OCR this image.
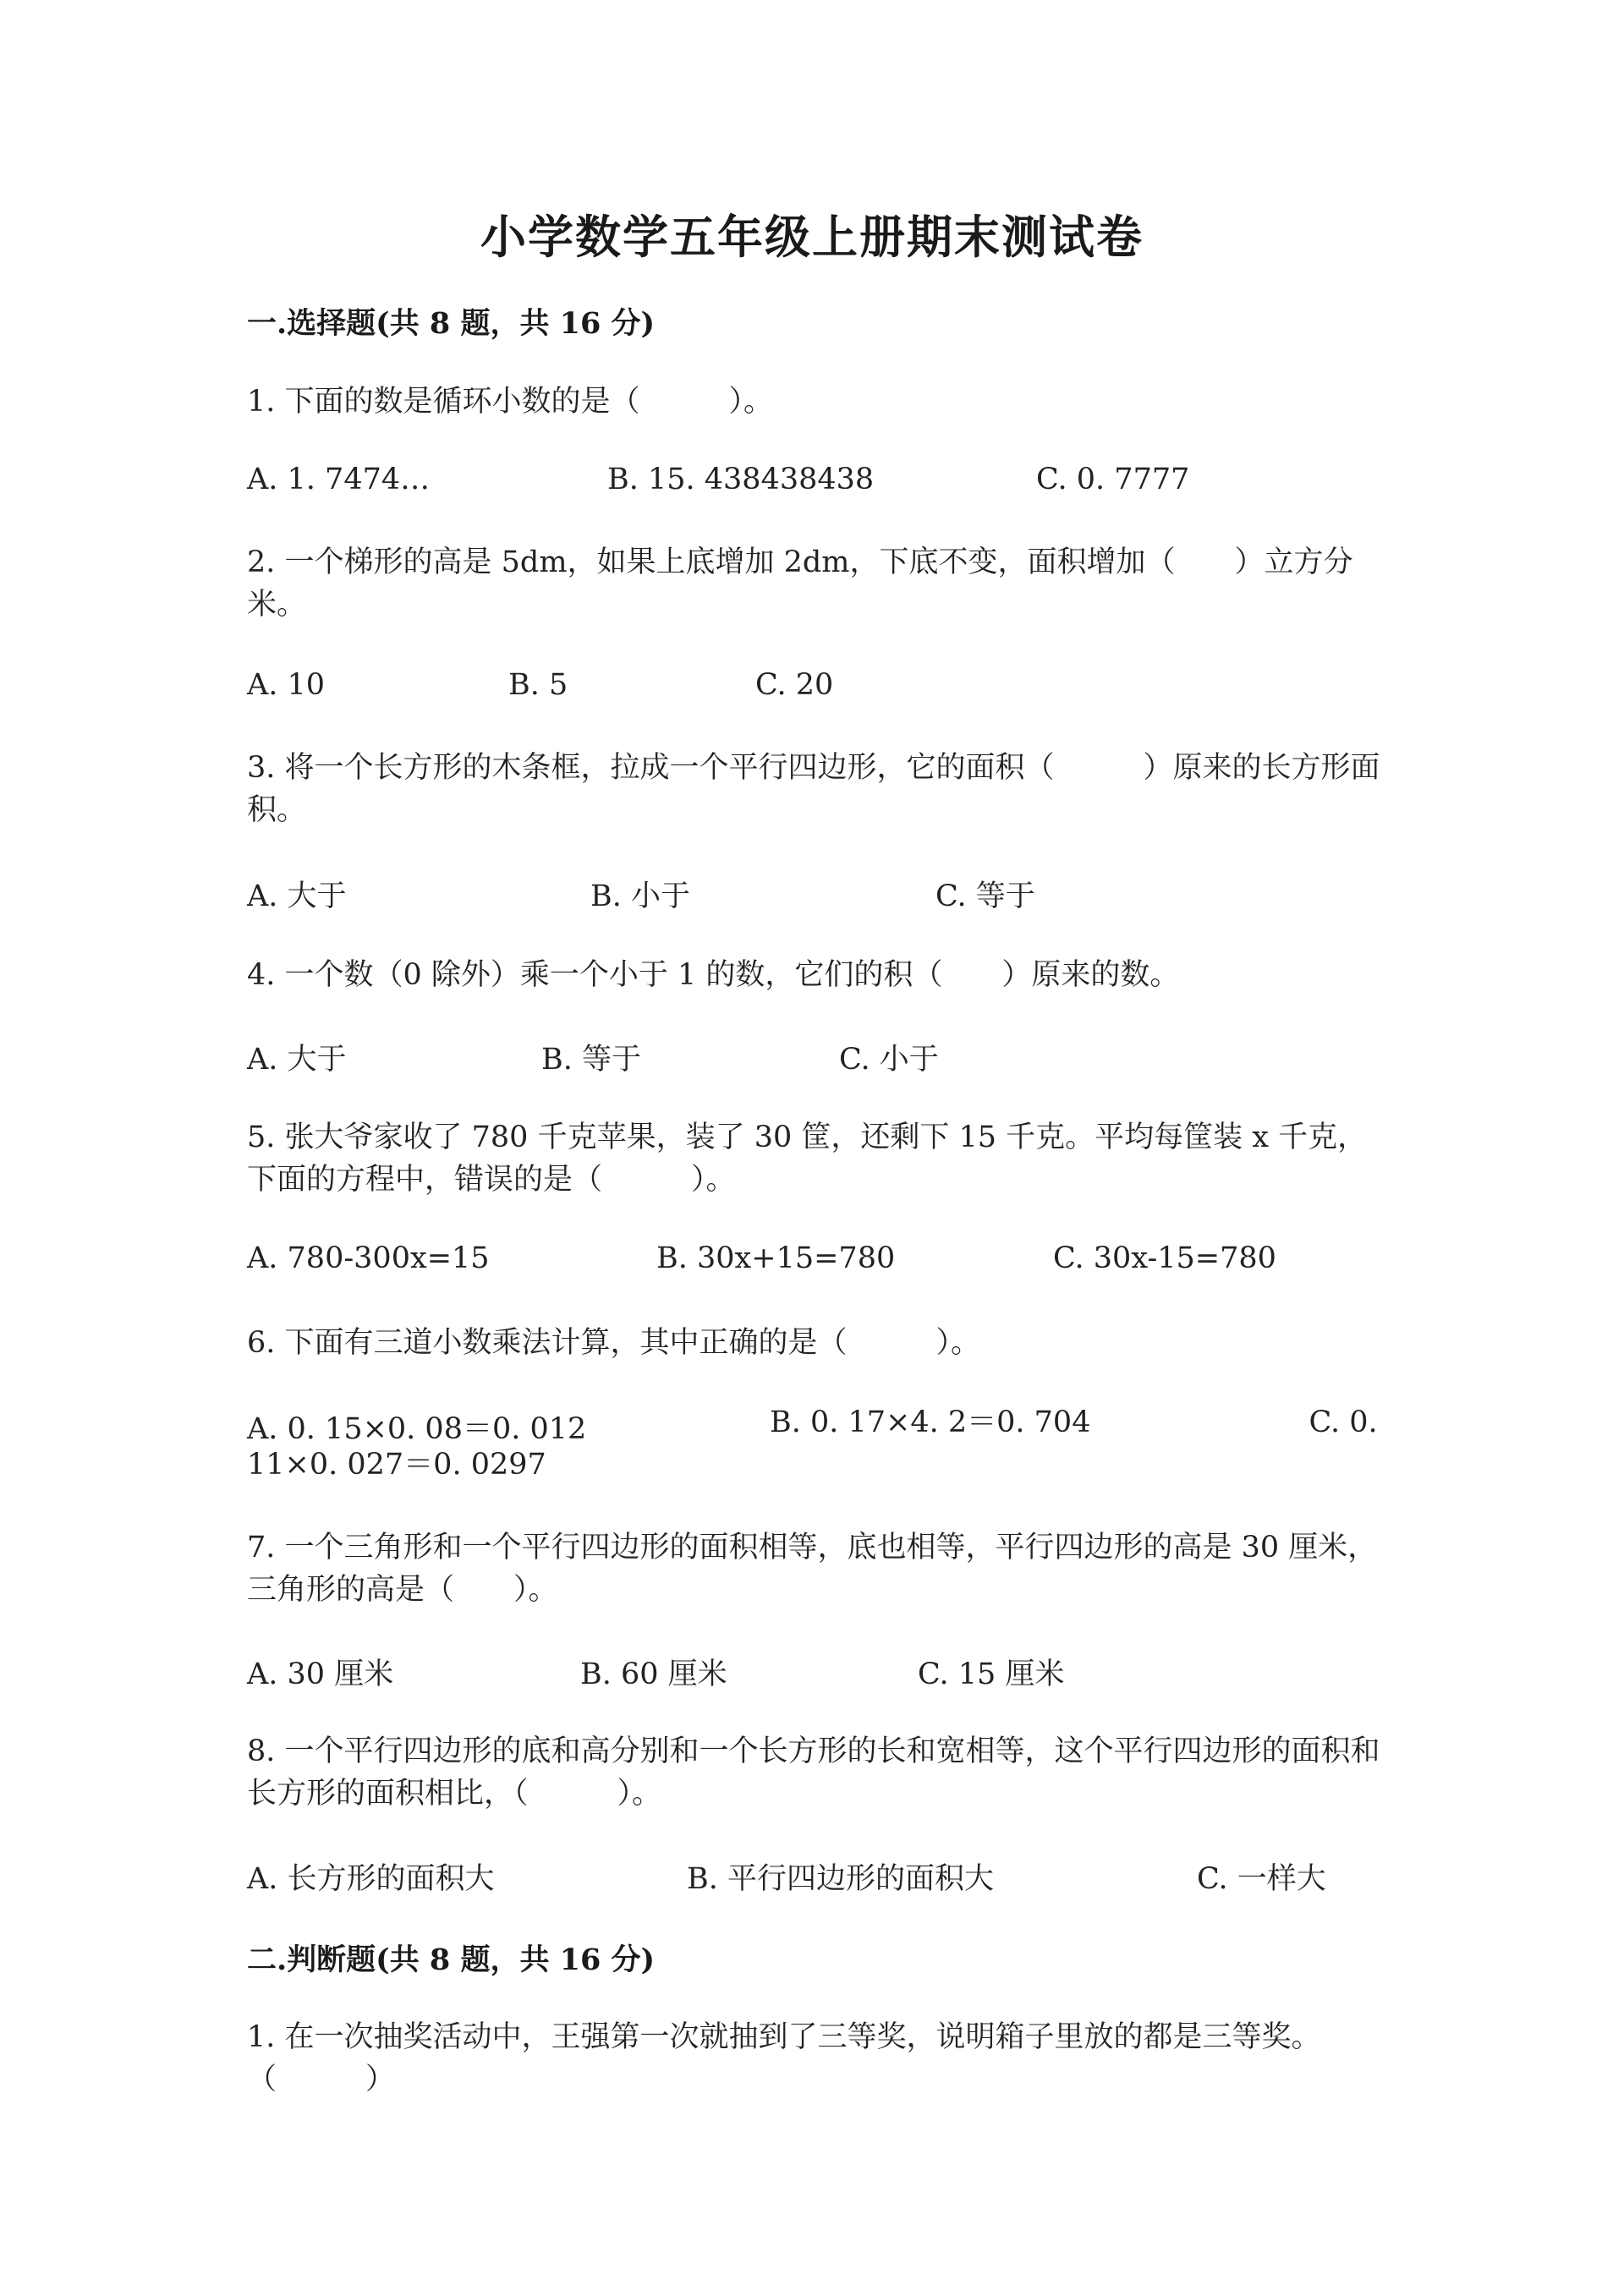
小学数学五年级上册期末测试卷
一.选择题(共 8 题，共 16 分)
1. 下面的数是循环小数的是（　　　）。
A. 1. 7474…	B. 15. 438438438	C. 0. 7777
2. 一个梯形的高是 5dm，如果上底增加 2dm，下底不变，面积增加（　　）立方分米。
A. 10	B. 5	C. 20
3. 将一个长方形的木条框，拉成一个平行四边形，它的面积（　　　）原来的长方形面积。
A. 大于	B. 小于	C. 等于
4. 一个数（0 除外）乘一个小于 1 的数，它们的积（　　）原来的数。
A. 大于	B. 等于	C. 小于
5. 张大爷家收了 780 千克苹果，装了 30 筐，还剩下 15 千克。平均每筐装 x 千克，下面的方程中，错误的是（　　　）。
A. 780-300x=15	B. 30x+15=780	C. 30x-15=780
6. 下面有三道小数乘法计算，其中正确的是（　　　）。
A. 0. 15×0. 08＝0. 012	B. 0. 17×4. 2＝0. 704	C. 0. 11×0. 027＝0. 0297
7. 一个三角形和一个平行四边形的面积相等，底也相等，平行四边形的高是 30 厘米，三角形的高是（　　）。
A. 30 厘米	B. 60 厘米	C. 15 厘米
8. 一个平行四边形的底和高分别和一个长方形的长和宽相等，这个平行四边形的面积和长方形的面积相比，（　　　）。
A. 长方形的面积大	B. 平行四边形的面积大	C. 一样大
二.判断题(共 8 题，共 16 分)
1. 在一次抽奖活动中，王强第一次就抽到了三等奖，说明箱子里放的都是三等奖。（　　　）
